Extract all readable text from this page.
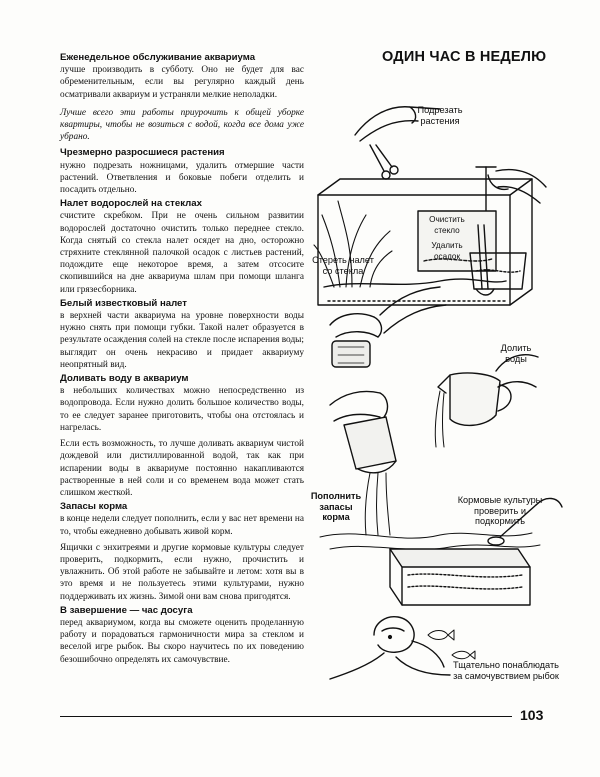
Еженедельное обслуживание аквариума

лучше производить в субботу. Оно не будет для вас обременительным, если вы регулярно каждый день осматривали аквариум и устраняли мелкие неполадки.

Лучше всего эти работы приурочить к общей уборке квартиры, чтобы не возиться с водой, когда все дома уже убрано.

Чрезмерно разросшиеся растения

нужно подрезать ножницами, удалить отмершие части растений. Ответвления и боковые побеги отделить и посадить отдельно.

Налет водорослей на стеклах

счистите скребком. При не очень сильном развитии водорослей достаточно очистить только переднее стекло. Когда снятый со стекла налет осядет на дно, осторожно стряхните стеклянной палочкой осадок с листьев растений, подождите еще некоторое время, а затем отсосите скопившийся на дне аквариума шлам при помощи шланга или грязесборника.

Белый известковый налет

в верхней части аквариума на уровне поверхности воды нужно снять при помощи губки. Такой налет образуется в результате осаждения солей на стекле после испарения воды; выглядит он очень некрасиво и придает аквариуму неопрятный вид.

Доливать воду в аквариум

в небольших количествах можно непосредственно из водопровода. Если нужно долить большое количество воды, то ее следует заранее приготовить, чтобы она отстоялась и нагрелась.

Если есть возможность, то лучше доливать аквариум чистой дождевой или дистиллированной водой, так как при испарении воды в аквариуме постоянно накапливаются растворенные в ней соли и со временем вода может стать слишком жесткой.

Запасы корма

в конце недели следует пополнить, если у вас нет времени на то, чтобы ежедневно добывать живой корм.

Ящички с энхитреями и другие кормовые культуры следует проверить, подкормить, если нужно, прочистить и увлажнить. Об этой работе не забывайте и летом: хотя вы в это время и не пользуетесь этими культурами, нужно поддерживать их жизнь. Зимой они вам снова пригодятся.

В завершение — час досуга

перед аквариумом, когда вы сможете оценить проделанную работу и порадоваться гармоничности мира за стеклом и веселой игре рыбок. Вы скоро научитесь по их поведению безошибочно определять их самочувствие.

ОДИН ЧАС В НЕДЕЛЮ
Подрезать
растения
Очистить
стекло
Удалить
осадок
Стереть налет
со стекла
Долить
воды
Кормовые культуры
проверить и
подкормить
Пополнить
запасы
корма
Тщательно понаблюдать за самочувствием рыбок
103
